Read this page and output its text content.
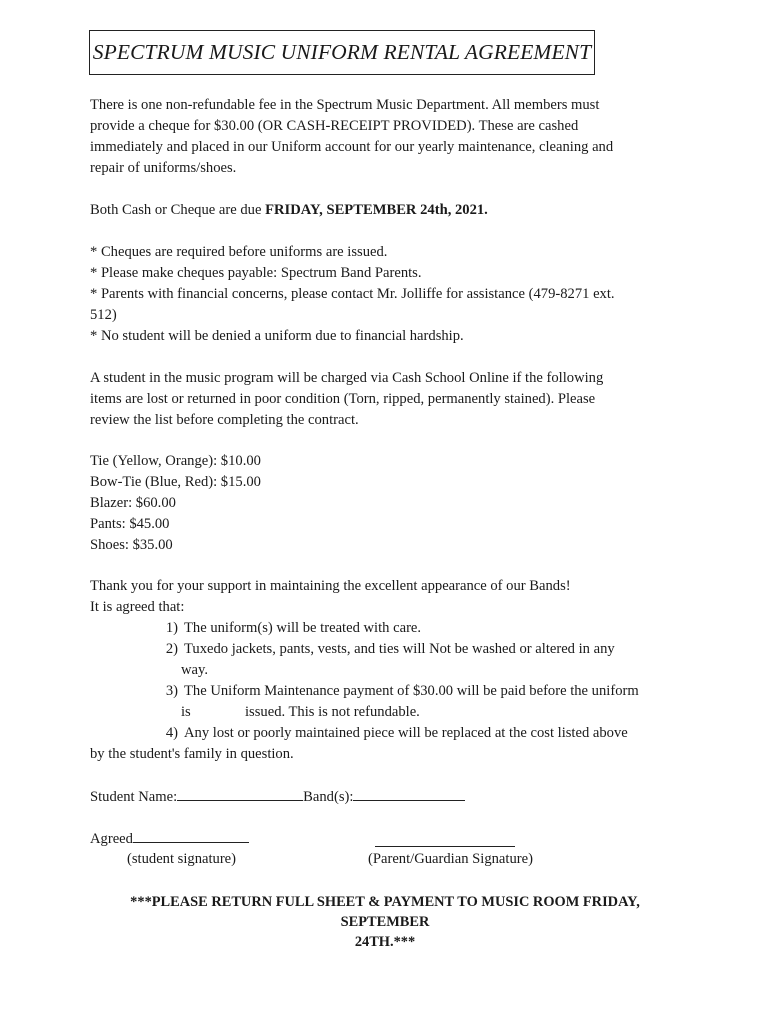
SPECTRUM MUSIC UNIFORM RENTAL AGREEMENT
There is one non-refundable fee in the Spectrum Music Department. All members must
provide a cheque for $30.00 (OR CASH-RECEIPT PROVIDED). These are cashed
immediately and placed in our Uniform account for our yearly maintenance, cleaning and
repair of uniforms/shoes.
Both Cash or Cheque are due FRIDAY, SEPTEMBER 24th, 2021.
* Cheques are required before uniforms are issued.
* Please make cheques payable: Spectrum Band Parents.
* Parents with financial concerns, please contact Mr. Jolliffe for assistance (479-8271 ext.
512)
* No student will be denied a uniform due to financial hardship.
A student in the music program will be charged via Cash School Online if the following
items are lost or returned in poor condition (Torn, ripped, permanently stained). Please
review the list before completing the contract.
Tie (Yellow, Orange): $10.00
Bow-Tie (Blue, Red): $15.00
Blazer: $60.00
Pants: $45.00
Shoes: $35.00
Thank you for your support in maintaining the excellent appearance of our Bands!
It is agreed that:
1) The uniform(s) will be treated with care.
2) Tuxedo jackets, pants, vests, and ties will Not be washed or altered in any
way.
3) The Uniform Maintenance payment of $30.00 will be paid before the uniform
is	issued. This is not refundable.
4) Any lost or poorly maintained piece will be replaced at the cost listed above
by the student's family in question.
Student Name:	Band(s):
Agreed
(student signature)	(Parent/Guardian Signature)
***PLEASE RETURN FULL SHEET & PAYMENT TO MUSIC ROOM FRIDAY, SEPTEMBER
24TH.***
